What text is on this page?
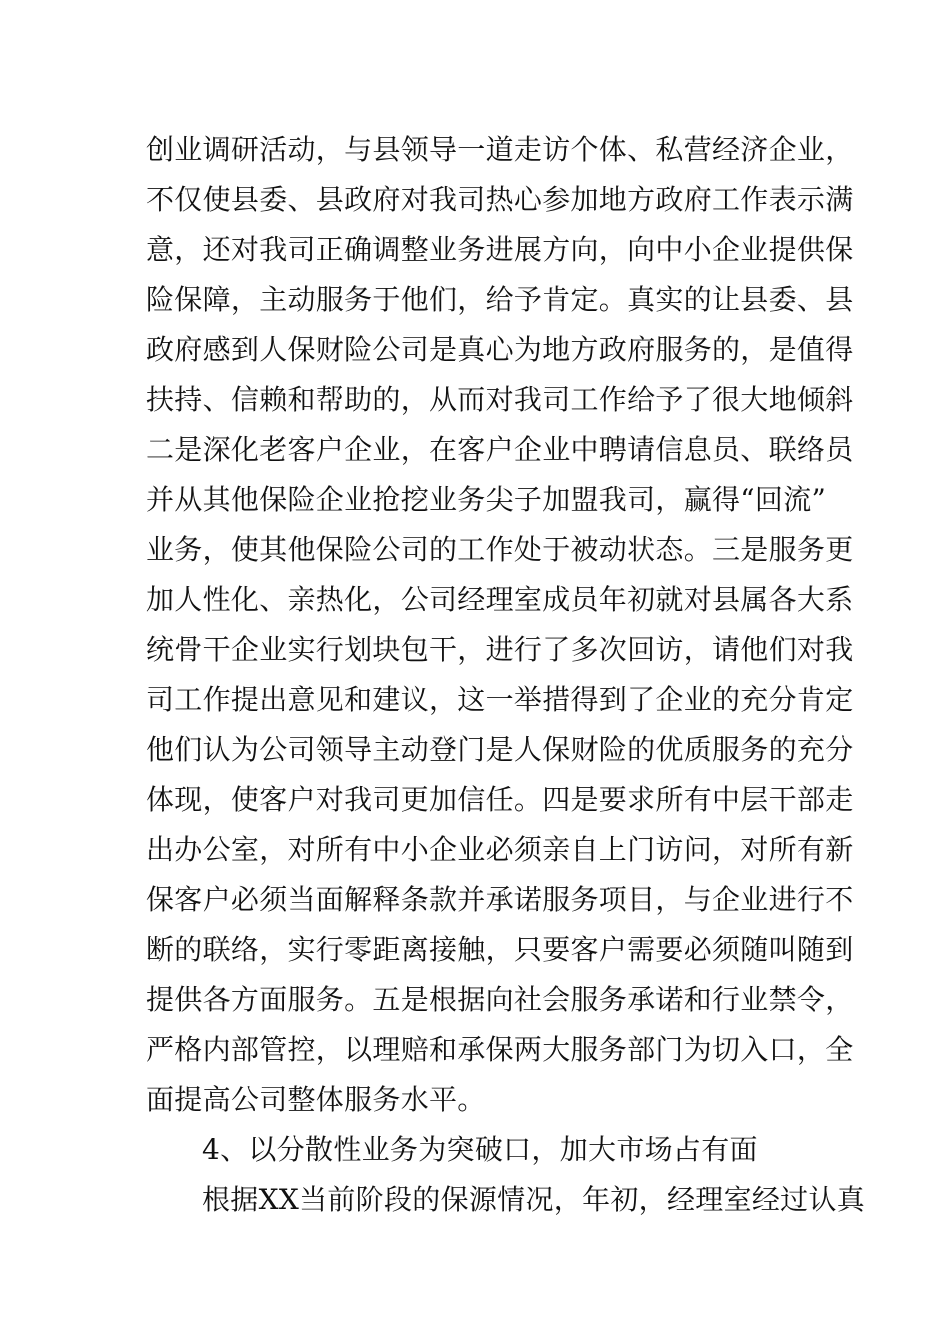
创业调研活动，与县领导一道走访个体、私营经济企业，
不仅使县委、县政府对我司热心参加地方政府工作表示满
意，还对我司正确调整业务进展方向，向中小企业提供保
险保障，主动服务于他们，给予肯定。真实的让县委、县
政府感到人保财险公司是真心为地方政府服务的，是值得
扶持、信赖和帮助的，从而对我司工作给予了很大地倾斜
二是深化老客户企业，在客户企业中聘请信息员、联络员
并从其他保险企业抢挖业务尖子加盟我司，赢得“回流”
业务，使其他保险公司的工作处于被动状态。三是服务更
加人性化、亲热化，公司经理室成员年初就对县属各大系
统骨干企业实行划块包干，进行了多次回访，请他们对我
司工作提出意见和建议，这一举措得到了企业的充分肯定
他们认为公司领导主动登门是人保财险的优质服务的充分
体现，使客户对我司更加信任。四是要求所有中层干部走
出办公室，对所有中小企业必须亲自上门访问，对所有新
保客户必须当面解释条款并承诺服务项目，与企业进行不
断的联络，实行零距离接触，只要客户需要必须随叫随到
提供各方面服务。五是根据向社会服务承诺和行业禁令，
严格内部管控，以理赔和承保两大服务部门为切入口，全
面提高公司整体服务水平。
4、以分散性业务为突破口，加大市场占有面
根据XX当前阶段的保源情况，年初，经理室经过认真
